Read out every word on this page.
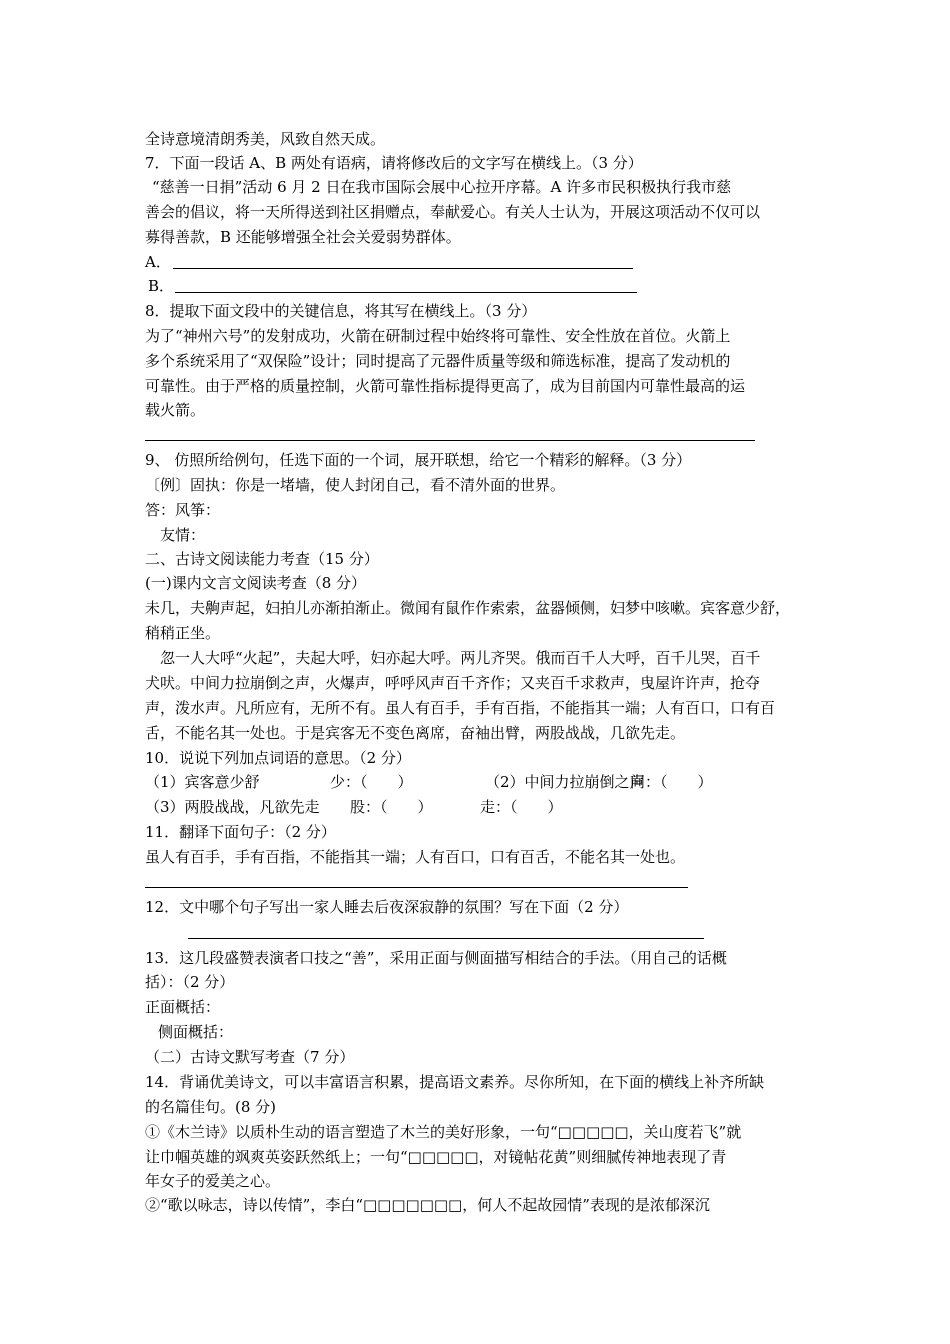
全诗意境清朗秀美，风致自然天成。
7．下面一段话 A、B 两处有语病，请将修改后的文字写在横线上。（3 分）
“慈善一日捐”活动 6 月 2 日在我市国际会展中心拉开序幕。A 许多市民积极执行我市慈
善会的倡议，将一天所得送到社区捐赠点，奉献爱心。有关人士认为，开展这项活动不仅可以
募得善款，B 还能够增强全社会关爱弱势群体。
A．
B．
8．提取下面文段中的关键信息，将其写在横线上。（3 分）
为了“神州六号”的发射成功，火箭在研制过程中始终将可靠性、安全性放在首位。火箭上
多个系统采用了“双保险”设计；同时提高了元器件质量等级和筛选标准，提高了发动机的
可靠性。由于严格的质量控制，火箭可靠性指标提得更高了，成为目前国内可靠性最高的运
载火箭。
9、 仿照所给例句，任选下面的一个词，展开联想，给它一个精彩的解释。（3 分）
〔例〕固执：你是一堵墙，使人封闭自己，看不清外面的世界。
答：风筝：
友情：
二、古诗文阅读能力考查（15 分）
(一)课内文言文阅读考查（8 分）
未几，夫齁声起，妇拍儿亦渐拍渐止。微闻有鼠作作索索，盆器倾侧，妇梦中咳嗽。宾客意少舒，
稍稍正坐。
忽一人大呼“火起”，夫起大呼，妇亦起大呼。两儿齐哭。俄而百千人大呼，百千儿哭，百千
犬吠。中间力拉崩倒之声，火爆声，呼呼风声百千齐作；又夹百千求救声，曳屋许许声，抢夺
声，泼水声。凡所应有，无所不有。虽人有百手，手有百指，不能指其一端；人有百口，口有百
舌，不能名其一处也。于是宾客无不变色离席，奋袖出臂，两股战战，几欲先走。
10．说说下列加点词语的意思。（2 分）
（1）宾客意少舒	少：（　　）	（2）中间力拉崩倒之声
间：（　　）
（3）两股战战，凡欲先走 股：（　　）	走：（　　）
11．翻译下面句子：（2 分）
虽人有百手，手有百指，不能指其一端；人有百口，口有百舌，不能名其一处也。
12．文中哪个句子写出一家人睡去后夜深寂静的氛围？写在下面（2 分）
13．这几段盛赞表演者口技之“善”，采用正面与侧面描写相结合的手法。（用自己的话概
括）：（2 分）
正面概括：
侧面概括：
（二）古诗文默写考查（7 分）
14．背诵优美诗文，可以丰富语言积累，提高语文素养。尽你所知，在下面的横线上补齐所缺
的名篇佳句。(8 分)
①《木兰诗》以质朴生动的语言塑造了木兰的美好形象，一句“□□□□□，关山度若飞”就
让巾帼英雄的飒爽英姿跃然纸上；一句“□□□□□，对镜帖花黄”则细腻传神地表现了青
年女子的爱美之心。
②“歌以咏志，诗以传情”，李白“□□□□□□□，何人不起故园情”表现的是浓郁深沉
